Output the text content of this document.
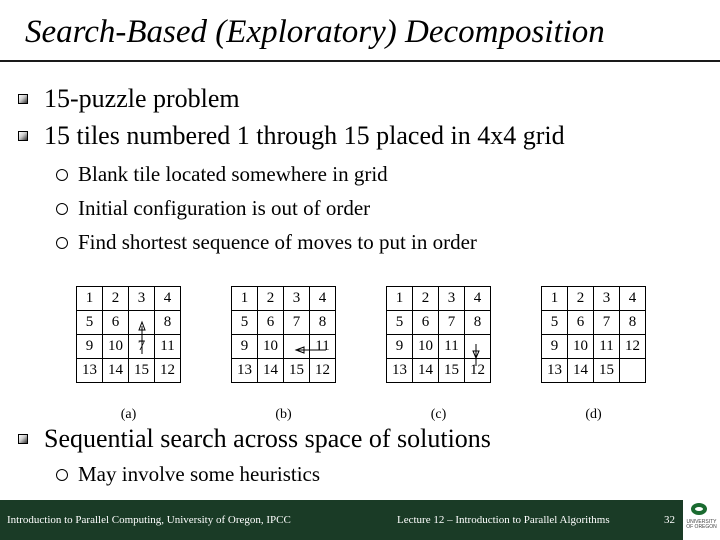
Search-Based (Exploratory) Decomposition
15-puzzle problem
15 tiles numbered 1 through 15 placed in 4x4 grid
Blank tile located somewhere in grid
Initial configuration is out of order
Find shortest sequence of moves to put in order
1	2	3	4
5	6		8
9	10	7	11
13	14	15	12
(a)
1	2	3	4
5	6	7	8
9	10		11
13	14	15	12
(b)
1	2	3	4
5	6	7	8
9	10	11	
13	14	15	12
(c)
1	2	3	4
5	6	7	8
9	10	11	12
13	14	15	
(d)
Sequential search across space of solutions
May involve some heuristics
Introduction to Parallel Computing, University of Oregon, IPCC	Lecture 12 – Introduction to Parallel Algorithms	32	UNIVERSITY OF OREGON
